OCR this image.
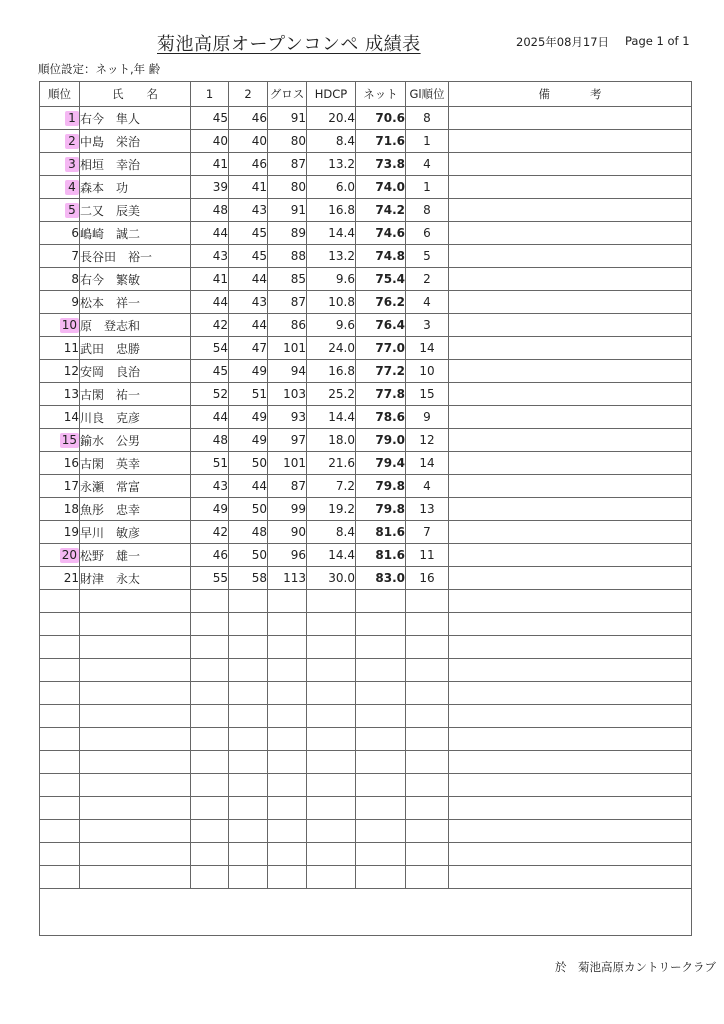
菊池高原オープンコンペ 成績表	2025年08月17日 Page 1 of 1
順位設定：ネット,年 齢
順位	氏　　名	1	2	グロス	HDCP	ネット	Gl順位	備考
1	右今　隼人	45	46	91	20.4	70.6	8	
2	中島　栄治	40	40	80	8.4	71.6	1	
3	相垣　幸治	41	46	87	13.2	73.8	4	
4	森本　功	39	41	80	6.0	74.0	1	
5	二又　辰美	48	43	91	16.8	74.2	8	
6	嶋崎　誠二	44	45	89	14.4	74.6	6	
7	長谷田　裕一	43	45	88	13.2	74.8	5	
8	右今　繁敏	41	44	85	9.6	75.4	2	
9	松本　祥一	44	43	87	10.8	76.2	4	
10	原　登志和	42	44	86	9.6	76.4	3	
11	武田　忠勝	54	47	101	24.0	77.0	14	
12	安岡　良治	45	49	94	16.8	77.2	10	
13	古閑　祐一	52	51	103	25.2	77.8	15	
14	川良　克彦	44	49	93	14.4	78.6	9	
15	鍮水　公男	48	49	97	18.0	79.0	12	
16	古閑　英幸	51	50	101	21.6	79.4	14	
17	永瀬　常富	43	44	87	7.2	79.8	4	
18	魚彤　忠幸	49	50	99	19.2	79.8	13	
19	早川　敏彦	42	48	90	8.4	81.6	7	
20	松野　雄一	46	50	96	14.4	81.6	11	
21	財津　永太	55	58	113	30.0	83.0	16	

於　菊池高原カントリークラブ
